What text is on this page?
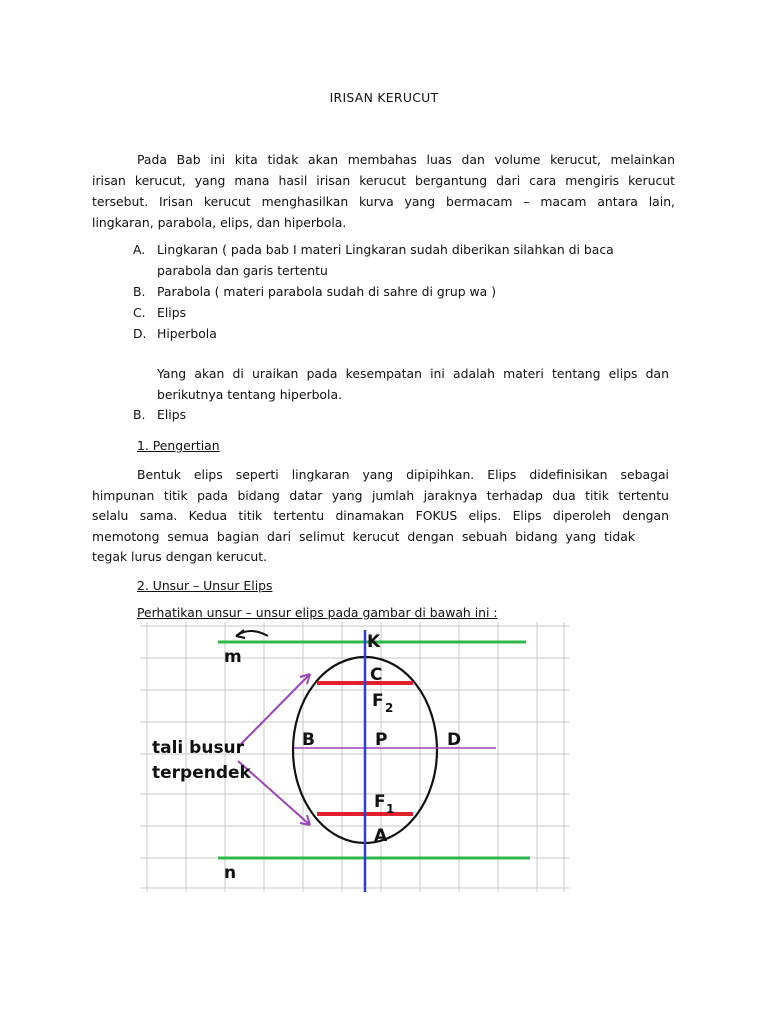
IRISAN KERUCUT
Pada Bab ini kita tidak akan membahas luas dan volume kerucut, melainkan
irisan kerucut, yang mana hasil irisan kerucut bergantung dari cara mengiris kerucut
tersebut. Irisan kerucut menghasilkan kurva yang bermacam – macam antara lain,
lingkaran, parabola, elips, dan hiperbola.
A. Lingkaran ( pada bab I materi Lingkaran sudah diberikan silahkan di baca
parabola dan garis tertentu
B. Parabola ( materi parabola sudah di sahre di grup wa )
C. Elips
D. Hiperbola
Yang akan di uraikan pada kesempatan ini adalah materi tentang elips dan
berikutnya tentang hiperbola.
B. Elips
1. Pengertian
Bentuk elips seperti lingkaran yang dipipihkan. Elips didefinisikan sebagai
himpunan titik pada bidang datar yang jumlah jaraknya terhadap dua titik tertentu
selalu sama. Kedua titik tertentu dinamakan FOKUS elips. Elips diperoleh dengan
memotong semua bagian dari selimut kerucut dengan sebuah bidang yang tidak
tegak lurus dengan kerucut.
2. Unsur – Unsur Elips
Perhatikan unsur – unsur elips pada gambar di bawah ini :
m
n
K
C
F 2
B	P	D
F 1
A
tali busur
terpendek
